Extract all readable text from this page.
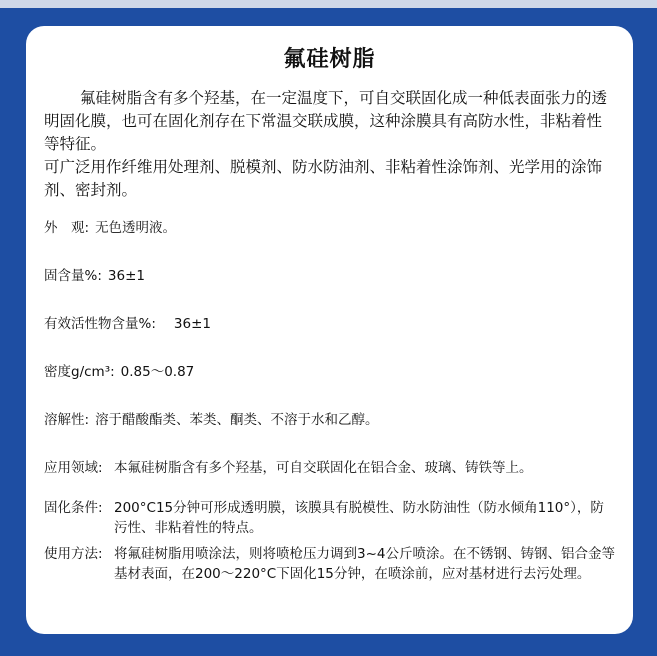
氟硅树脂

氟硅树脂含有多个羟基，在一定温度下，可自交联固化成一种低表面张力的透明固化膜，也可在固化剂存在下常温交联成膜，这种涂膜具有高防水性，非粘着性等特征。

可广泛用作纤维用处理剂、脱模剂、防水防油剂、非粘着性涂饰剂、光学用的涂饰剂、密封剂。

外　观: 无色透明液。
固含量%: 36±1
有效活性物含量%:	36±1
密度g/cm³: 0.85～0.87
溶解性: 溶于醋酸酯类、苯类、酮类、不溶于水和乙醇。
应用领域: 本氟硅树脂含有多个羟基，可自交联固化在铝合金、玻璃、铸铁等上。
固化条件: 200°C15分钟可形成透明膜，该膜具有脱模性、防水防油性（防水倾角110°），防污性、非粘着性的特点。
使用方法: 将氟硅树脂用喷涂法，则将喷枪压力调到3~4公斤喷涂。在不锈钢、铸钢、铝合金等基材表面，在200～220°C下固化15分钟，在喷涂前，应对基材进行去污处理。
